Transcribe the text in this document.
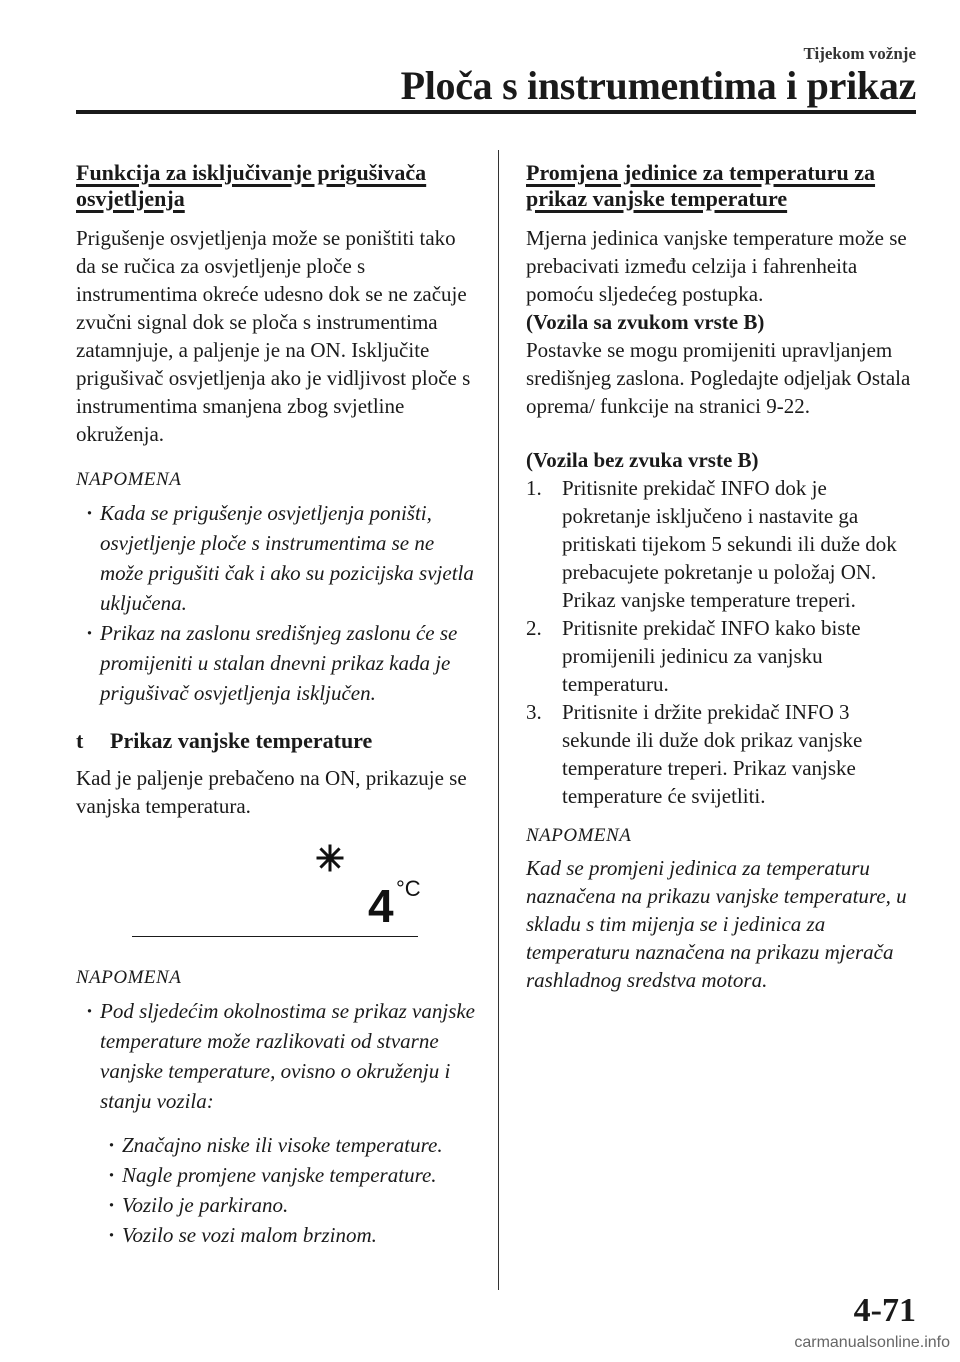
Tijekom vožnje
Ploča s instrumentima i prikaz
Funkcija za isključivanje prigušivača
osvjetljenja

Prigušenje osvjetljenja može se poništiti tako da se ručica za osvjetljenje ploče s instrumentima okreće udesno dok se ne začuje zvučni signal dok se ploča s instrumentima zatamnjuje, a paljenje je na ON. Isključite prigušivač osvjetljenja ako je vidljivost ploče s instrumentima smanjena zbog svjetline okruženja.

NAPOMENA
· Kada se prigušenje osvjetljenja poništi, osvjetljenje ploče s instrumentima se ne može prigušiti čak i ako su pozicijska svjetla uključena.
· Prikaz na zaslonu središnjeg zaslonu će se promijeniti u stalan dnevni prikaz kada je prigušivač osvjetljenja isključen.
t	Prikaz vanjske temperature

Kad je paljenje prebačeno na ON, prikazuje se vanjska temperatura.

4 °C
NAPOMENA
· Pod sljedećim okolnostima se prikaz vanjske temperature može razlikovati od stvarne vanjske temperature, ovisno o okruženju i stanju vozila:
· Značajno niske ili visoke temperature.
· Nagle promjene vanjske temperature.
· Vozilo je parkirano.
· Vozilo se vozi malom brzinom.
Promjena jedinice za temperaturu za
prikaz vanjske temperature

Mjerna jedinica vanjske temperature može se prebacivati između celzija i fahrenheita pomoću sljedećeg postupka.

(Vozila sa zvukom vrste B)

Postavke se mogu promijeniti upravljanjem središnjeg zaslona. Pogledajte odjeljak Ostala oprema/ funkcije na stranici 9-22.

(Vozila bez zvuka vrste B)

1. Pritisnite prekidač INFO dok je pokretanje isključeno i nastavite ga pritiskati tijekom 5 sekundi ili duže dok prebacujete pokretanje u položaj ON. Prikaz vanjske temperature treperi.
2. Pritisnite prekidač INFO kako biste promijenili jedinicu za vanjsku temperaturu.
3. Pritisnite i držite prekidač INFO 3 sekunde ili duže dok prikaz vanjske temperature treperi. Prikaz vanjske temperature će svijetliti.
NAPOMENA

Kad se promjeni jedinica za temperaturu naznačena na prikazu vanjske temperature, u skladu s tim mijenja se i jedinica za temperaturu naznačena na prikazu mjerača rashladnog sredstva motora.

4-71
carmanualsonline.info
